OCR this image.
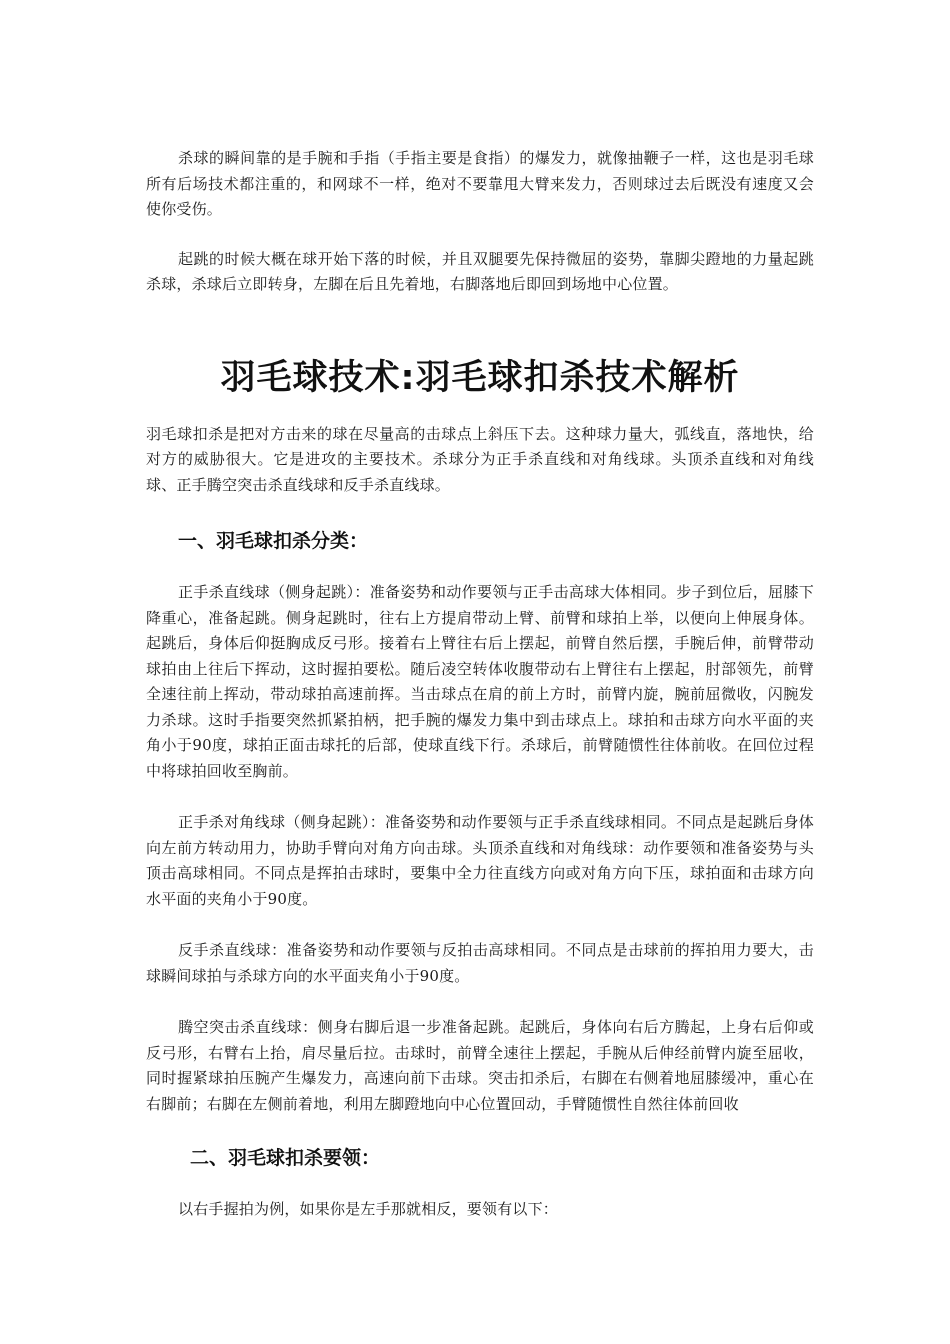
杀球的瞬间靠的是手腕和手指（手指主要是食指）的爆发力，就像抽鞭子一样，这也是羽毛球所有后场技术都注重的，和网球不一样，绝对不要靠甩大臂来发力，否则球过去后既没有速度又会使你受伤。

起跳的时候大概在球开始下落的时候，并且双腿要先保持微屈的姿势，靠脚尖蹬地的力量起跳杀球，杀球后立即转身，左脚在后且先着地，右脚落地后即回到场地中心位置。

羽毛球技术:羽毛球扣杀技术解析

羽毛球扣杀是把对方击来的球在尽量高的击球点上斜压下去。这种球力量大，弧线直，落地快，给对方的威胁很大。它是进攻的主要技术。杀球分为正手杀直线和对角线球。头顶杀直线和对角线球、正手腾空突击杀直线球和反手杀直线球。

一、羽毛球扣杀分类：

正手杀直线球（侧身起跳）：准备姿势和动作要领与正手击高球大体相同。步子到位后，屈膝下降重心，准备起跳。侧身起跳时，往右上方提肩带动上臂、前臂和球拍上举，以便向上伸展身体。起跳后，身体后仰挺胸成反弓形。接着右上臂往右后上摆起，前臂自然后摆，手腕后伸，前臂带动球拍由上往后下挥动，这时握拍要松。随后凌空转体收腹带动右上臂往右上摆起，肘部领先，前臂全速往前上挥动，带动球拍高速前挥。当击球点在肩的前上方时，前臂内旋，腕前屈微收，闪腕发力杀球。这时手指要突然抓紧拍柄，把手腕的爆发力集中到击球点上。球拍和击球方向水平面的夹角小于90度，球拍正面击球托的后部，使球直线下行。杀球后，前臂随惯性往体前收。在回位过程中将球拍回收至胸前。

正手杀对角线球（侧身起跳）：准备姿势和动作要领与正手杀直线球相同。不同点是起跳后身体向左前方转动用力，协助手臂向对角方向击球。头顶杀直线和对角线球：动作要领和准备姿势与头顶击高球相同。不同点是挥拍击球时，要集中全力往直线方向或对角方向下压，球拍面和击球方向水平面的夹角小于90度。

反手杀直线球：准备姿势和动作要领与反拍击高球相同。不同点是击球前的挥拍用力要大，击球瞬间球拍与杀球方向的水平面夹角小于90度。

腾空突击杀直线球：侧身右脚后退一步准备起跳。起跳后，身体向右后方腾起，上身右后仰或反弓形，右臂右上抬，肩尽量后拉。击球时，前臂全速往上摆起，手腕从后伸经前臂内旋至屈收，同时握紧球拍压腕产生爆发力，高速向前下击球。突击扣杀后，右脚在右侧着地屈膝缓冲，重心在右脚前；右脚在左侧前着地，利用左脚蹬地向中心位置回动，手臂随惯性自然往体前回收

二、羽毛球扣杀要领：

以右手握拍为例，如果你是左手那就相反，要领有以下：
